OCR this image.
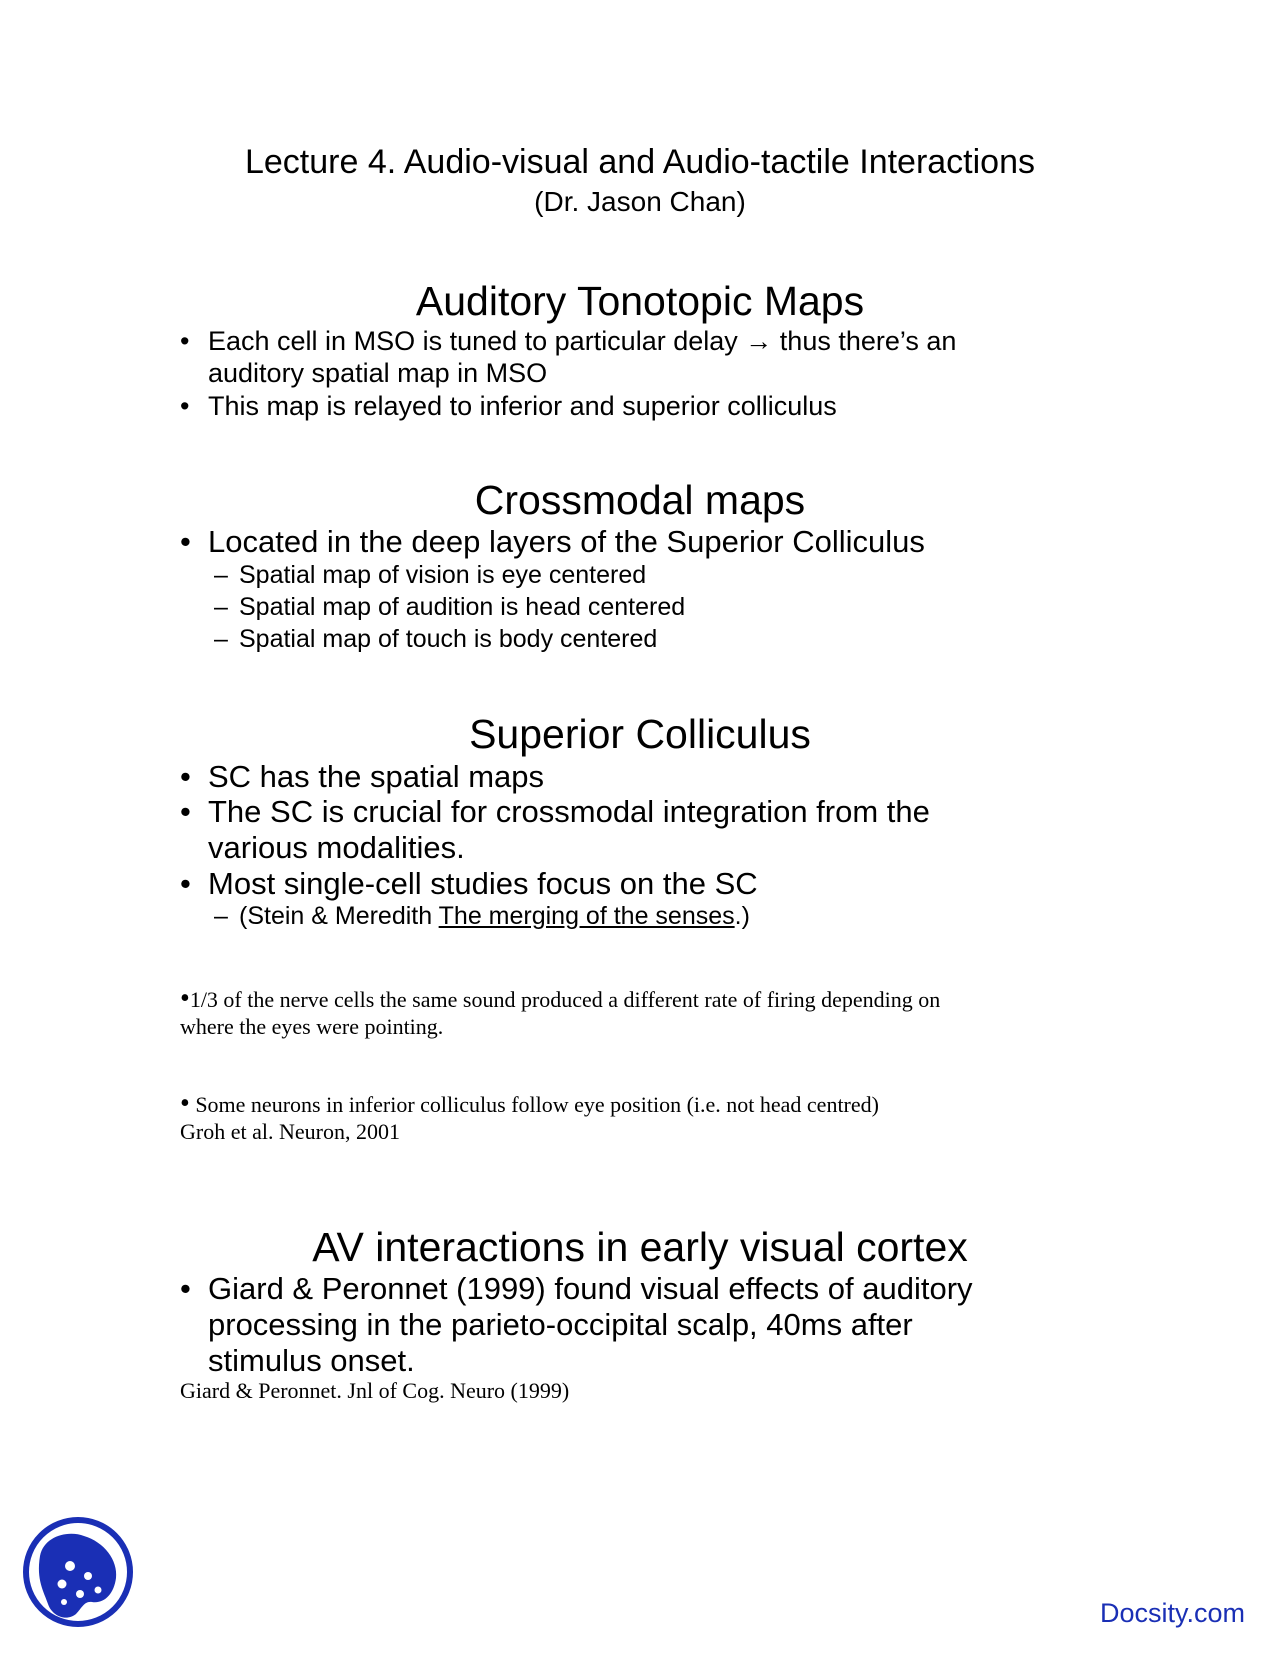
Lecture 4. Audio-visual and Audio-tactile Interactions
(Dr. Jason Chan)
Auditory Tonotopic Maps
• Each cell in MSO is tuned to particular delay → thus there’s an
auditory spatial map in MSO
• This map is relayed to inferior and superior colliculus
Crossmodal maps
• Located in the deep layers of the Superior Colliculus
– Spatial map of vision is eye centered
– Spatial map of audition is head centered
– Spatial map of touch is body centered
Superior Colliculus
• SC has the spatial maps
• The SC is crucial for crossmodal integration from the
various modalities.
• Most single-cell studies focus on the SC
– (Stein & Meredith The merging of the senses.)
•1/3 of the nerve cells the same sound produced a different rate of firing depending on
where the eyes were pointing.
• Some neurons in inferior colliculus follow eye position (i.e. not head centred)
Groh et al. Neuron, 2001
AV interactions in early visual cortex
• Giard & Peronnet (1999) found visual effects of auditory
processing in the parieto-occipital scalp, 40ms after
stimulus onset.
Giard & Peronnet. Jnl of Cog. Neuro (1999)
Docsity.com
